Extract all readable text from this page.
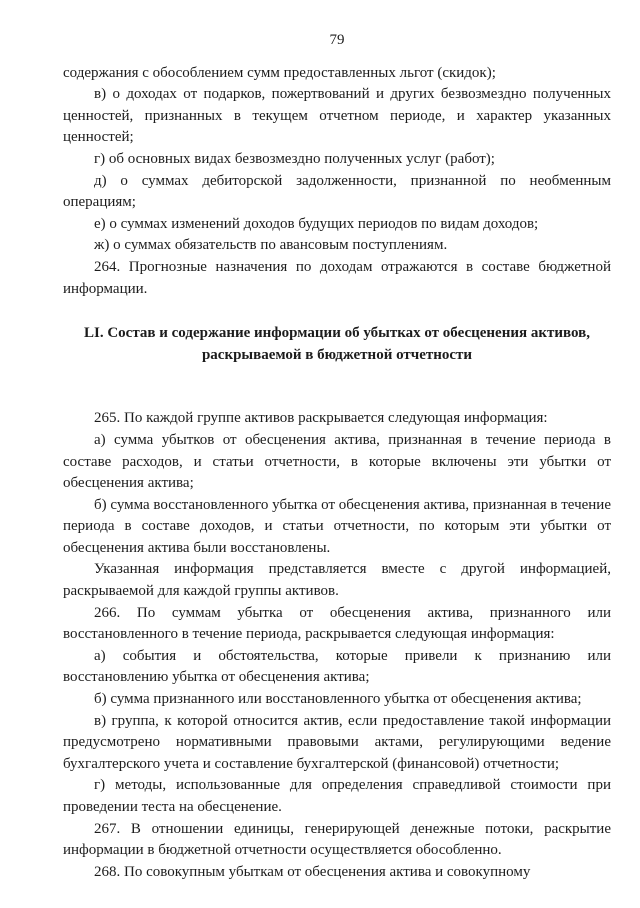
79

содержания с обособлением сумм предоставленных льгот (скидок);

в) о доходах от подарков, пожертвований и других безвозмездно полученных ценностей, признанных в текущем отчетном периоде, и характер указанных ценностей;

г) об основных видах безвозмездно полученных услуг (работ);

д) о суммах дебиторской задолженности, признанной по необменным операциям;

е) о суммах изменений доходов будущих периодов по видам доходов;

ж) о суммах обязательств по авансовым поступлениям.

264. Прогнозные назначения по доходам отражаются в составе бюджетной информации.

LI. Состав и содержание информации об убытках от обесценения активов,
раскрываемой в бюджетной отчетности

265. По каждой группе активов раскрывается следующая информация:

а) сумма убытков от обесценения актива, признанная в течение периода в составе расходов, и статьи отчетности, в которые включены эти убытки от обесценения актива;

б) сумма восстановленного убытка от обесценения актива, признанная в течение периода в составе доходов, и статьи отчетности, по которым эти убытки от обесценения актива были восстановлены.

Указанная информация представляется вместе с другой информацией, раскрываемой для каждой группы активов.

266. По суммам убытка от обесценения актива, признанного или восстановленного в течение периода, раскрывается следующая информация:

а) события и обстоятельства, которые привели к признанию или восстановлению убытка от обесценения актива;

б) сумма признанного или восстановленного убытка от обесценения актива;

в) группа, к которой относится актив, если предоставление такой информации предусмотрено нормативными правовыми актами, регулирующими ведение бухгалтерского учета и составление бухгалтерской (финансовой) отчетности;

г) методы, использованные для определения справедливой стоимости при проведении теста на обесценение.

267. В отношении единицы, генерирующей денежные потоки, раскрытие информации в бюджетной отчетности осуществляется обособленно.

268. По совокупным убыткам от обесценения актива и совокупному
